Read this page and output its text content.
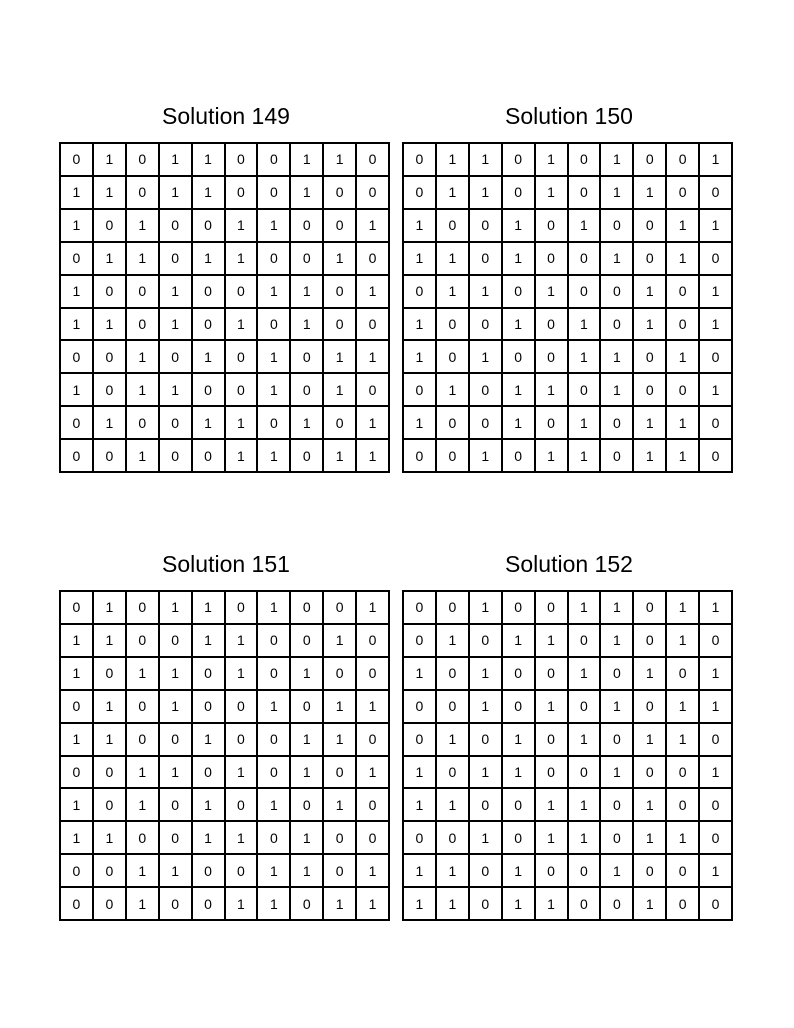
Solution 149
0	1	0	1	1	0	0	1	1	0
1	1	0	1	1	0	0	1	0	0
1	0	1	0	0	1	1	0	0	1
0	1	1	0	1	1	0	0	1	0
1	0	0	1	0	0	1	1	0	1
1	1	0	1	0	1	0	1	0	0
0	0	1	0	1	0	1	0	1	1
1	0	1	1	0	0	1	0	1	0
0	1	0	0	1	1	0	1	0	1
0	0	1	0	0	1	1	0	1	1
Solution 150
0	1	1	0	1	0	1	0	0	1
0	1	1	0	1	0	1	1	0	0
1	0	0	1	0	1	0	0	1	1
1	1	0	1	0	0	1	0	1	0
0	1	1	0	1	0	0	1	0	1
1	0	0	1	0	1	0	1	0	1
1	0	1	0	0	1	1	0	1	0
0	1	0	1	1	0	1	0	0	1
1	0	0	1	0	1	0	1	1	0
0	0	1	0	1	1	0	1	1	0
Solution 151
0	1	0	1	1	0	1	0	0	1
1	1	0	0	1	1	0	0	1	0
1	0	1	1	0	1	0	1	0	0
0	1	0	1	0	0	1	0	1	1
1	1	0	0	1	0	0	1	1	0
0	0	1	1	0	1	0	1	0	1
1	0	1	0	1	0	1	0	1	0
1	1	0	0	1	1	0	1	0	0
0	0	1	1	0	0	1	1	0	1
0	0	1	0	0	1	1	0	1	1
Solution 152
0	0	1	0	0	1	1	0	1	1
0	1	0	1	1	0	1	0	1	0
1	0	1	0	0	1	0	1	0	1
0	0	1	0	1	0	1	0	1	1
0	1	0	1	0	1	0	1	1	0
1	0	1	1	0	0	1	0	0	1
1	1	0	0	1	1	0	1	0	0
0	0	1	0	1	1	0	1	1	0
1	1	0	1	0	0	1	0	0	1
1	1	0	1	1	0	0	1	0	0
